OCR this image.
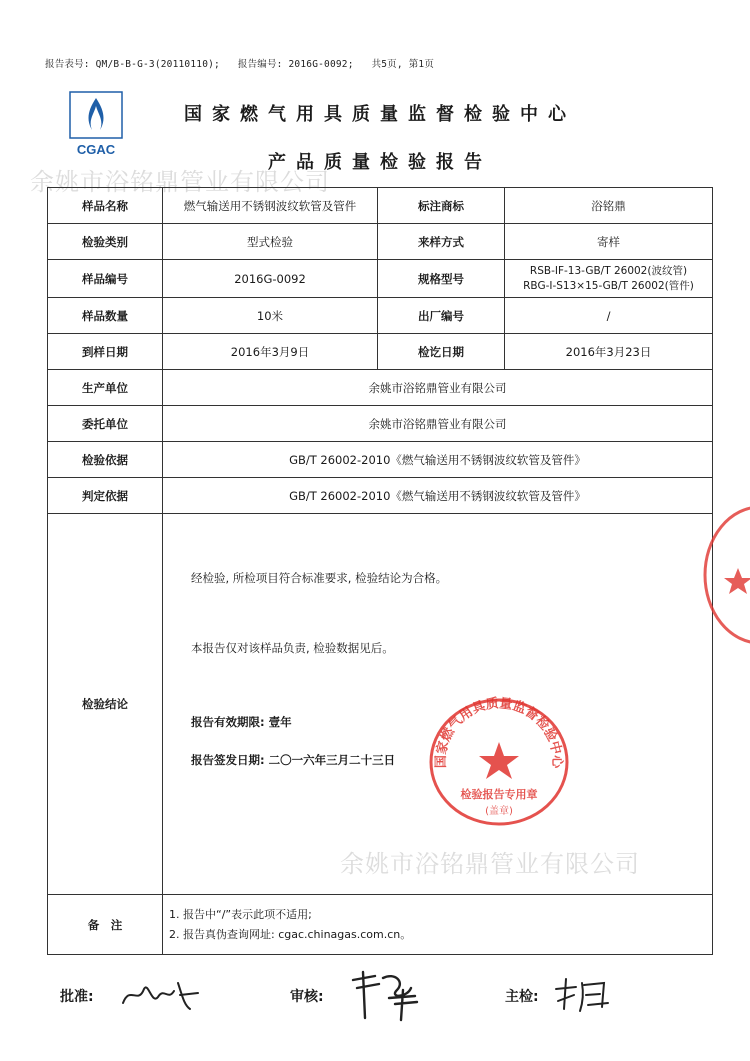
报告表号: QM/B-B-G-3(20110110); 报告编号: 2016G-0092; 共5页, 第1页
CGAC
国家燃气用具质量监督检验中心
产品质量检验报告
余姚市浴铭鼎管业有限公司
样品名称	燃气输送用不锈钢波纹软管及管件	标注商标	浴铭鼎
检验类别	型式检验	来样方式	寄样
样品编号	2016G-0092	规格型号	RSB-ⅠF-13-GB/T 26002(波纹管)
RBG-Ⅰ-S13×15-GB/T 26002(管件)

样品数量	10米	出厂编号	/
到样日期	2016年3月9日	检讫日期	2016年3月23日
生产单位	余姚市浴铭鼎管业有限公司		
委托单位	余姚市浴铭鼎管业有限公司		
检验依据	GB/T 26002-2010《燃气输送用不锈钢波纹软管及管件》		
判定依据	GB/T 26002-2010《燃气输送用不锈钢波纹软管及管件》		
检验结论	经检验, 所检项目符合标准要求, 检验结论为合格。
本报告仅对该样品负责, 检验数据见后。
报告有效期限: 壹年
报告签发日期: 二〇一六年三月二十三日		

备　注	1. 报告中“/”表示此项不适用;
2. 报告真伪查询网址: cgac.chinagas.com.cn。		
余姚市浴铭鼎管业有限公司
国家燃气用具质量监督检验中心
检验报告专用章
(盖章)
批准:	审核:	主检:
